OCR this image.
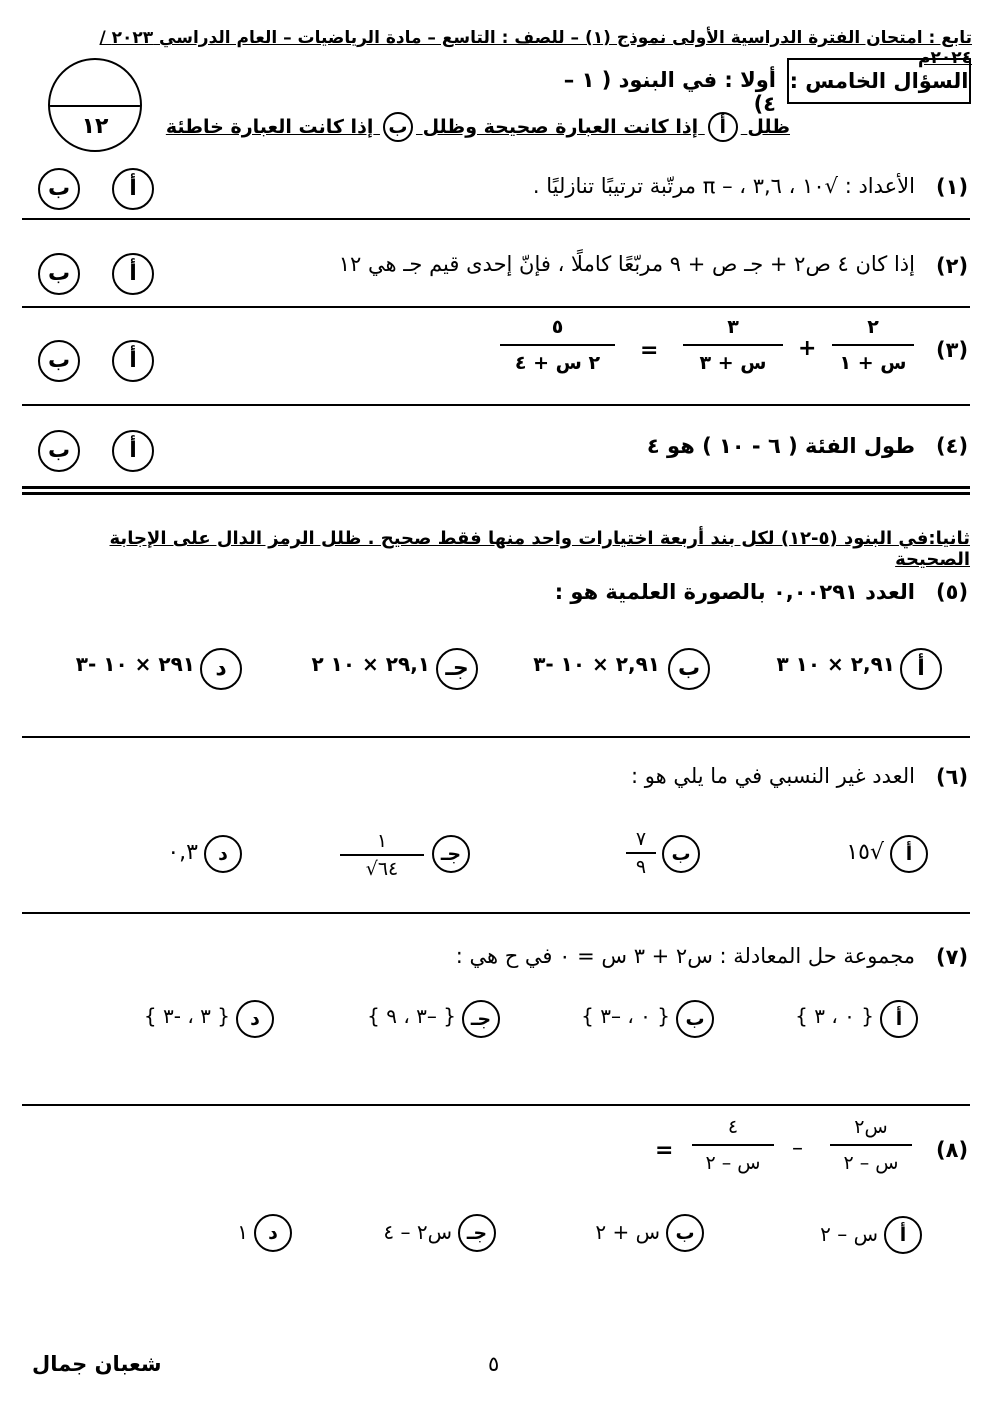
تابع : امتحان الفترة الدراسية الأولى نموذج (١) – للصف : التاسع – مادة الرياضيات – العام الدراسي ٢٠٢٣ / ٢٠٢٤م
١٢
السؤال الخامس :
أولا : في البنود ( ١ – ٤)
ظلل أ إذا كانت العبارة صحيحة وظلل ب إذا كانت العبارة خاطئة
(١)
الأعداد : √١٠ ، ٣,٦ ، – π مرتّبة ترتيبًا تنازليًا .
أ
ب
(٢)
إذا كان ٤ ص٢ + جـ ص + ٩ مربّعًا كاملًا ، فإنّ إحدى قيم جـ هي ١٢
أ
ب
(٣)
٢
س + ١
+
٣
س + ٣
=
٥
٢ س + ٤
أ
ب
(٤)
طول الفئة ( ٦ - ١٠ ) هو ٤
أ
ب
ثانيا:في البنود (٥-١٢) لكل بند أربعة اختيارات واحد منها فقط صحيح . ظلل الرمز الدال على الإجابة الصحيحة
(٥)
العدد ٠,٠٠٢٩١ بالصورة العلمية هو :
أ
٢,٩١ × ١٠ ٣
ب
٢,٩١ × ١٠ -٣
جـ
٢٩,١ × ١٠ ٢
د
٢٩١ × ١٠ -٣
(٦)
العدد غير النسبي في ما يلي هو :
أ
√١٥
ب
٧
٩
جـ
١
√٦٤
د
٠,٣
(٧)
مجموعة حل المعادلة : س٢ + ٣ س = ٠ في ح هي :
أ
{ ٠ ، ٣ }
ب
{ ٠ ، –٣ }
جـ
{ –٣ ، ٩ }
د
{ ٣ ، -٣ }
(٨)
س٢
س – ٢
–
٤
س – ٢
=
أ
س – ٢
ب
س + ٢
جـ
س٢ – ٤
د
١
شعبان جمال	٥
